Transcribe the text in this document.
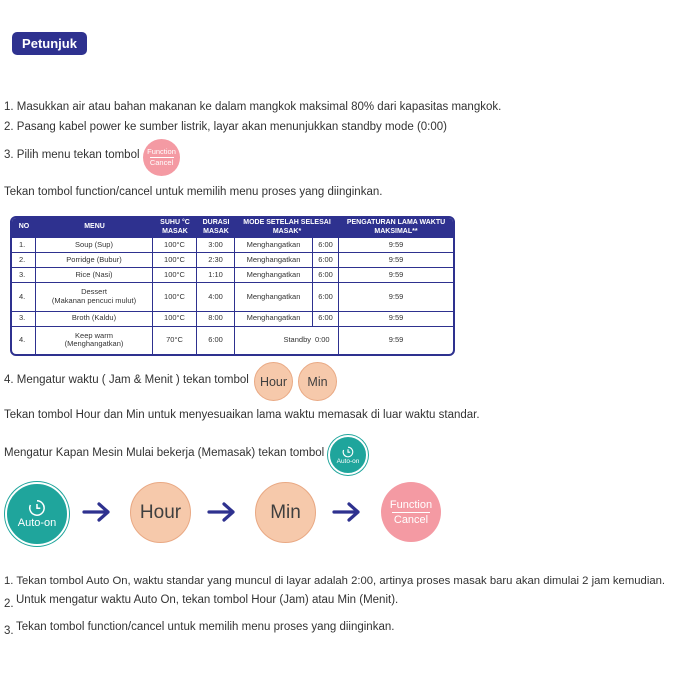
Petunjuk
1. Masukkan air atau bahan makanan ke dalam mangkok maksimal 80% dari kapasitas mangkok.
2. Pasang kabel power ke sumber listrik, layar akan menunjukkan standby mode (0:00)
3. Pilih menu tekan tombol Function
Cancel
Tekan tombol function/cancel untuk memilih menu proses yang diinginkan.
NO	MENU	SUHU °C MASAK	DURASI MASAK	MODE SETELAH SELESAI MASAK*		PENGATURAN LAMA WAKTU MAKSIMAL**
1.	Soup (Sup)	100°C	3:00	Menghangatkan	6:00	9:59
2.	Porridge (Bubur)	100°C	2:30	Menghangatkan	6:00	9:59
3.	Rice (Nasi)	100°C	1:10	Menghangatkan	6:00	9:59
4.	Dessert
(Makanan pencuci mulut)	100°C	4:00	Menghangatkan	6:00	9:59
3.	Broth (Kaldu)	100°C	8:00	Menghangatkan	6:00	9:59
4.	Keep warm
(Menghangatkan)	70°C	6:00	Standby	0:00	9:59
4. Mengatur waktu ( Jam & Menit ) tekan tombol Hour Min
Tekan tombol Hour dan Min untuk menyesuaikan lama waktu memasak di luar waktu standar.
Mengatur Kapan Mesin Mulai bekerja (Memasak) tekan tombol
Auto-on
Auto-on
Hour	Min	Function
Cancel
1. Tekan tombol Auto On, waktu standar yang muncul di layar adalah 2:00, artinya proses masak baru akan dimulai 2 jam kemudian.
2. Untuk mengatur waktu Auto On, tekan tombol Hour (Jam) atau Min (Menit).
3. Tekan tombol function/cancel untuk memilih menu proses yang diinginkan.
